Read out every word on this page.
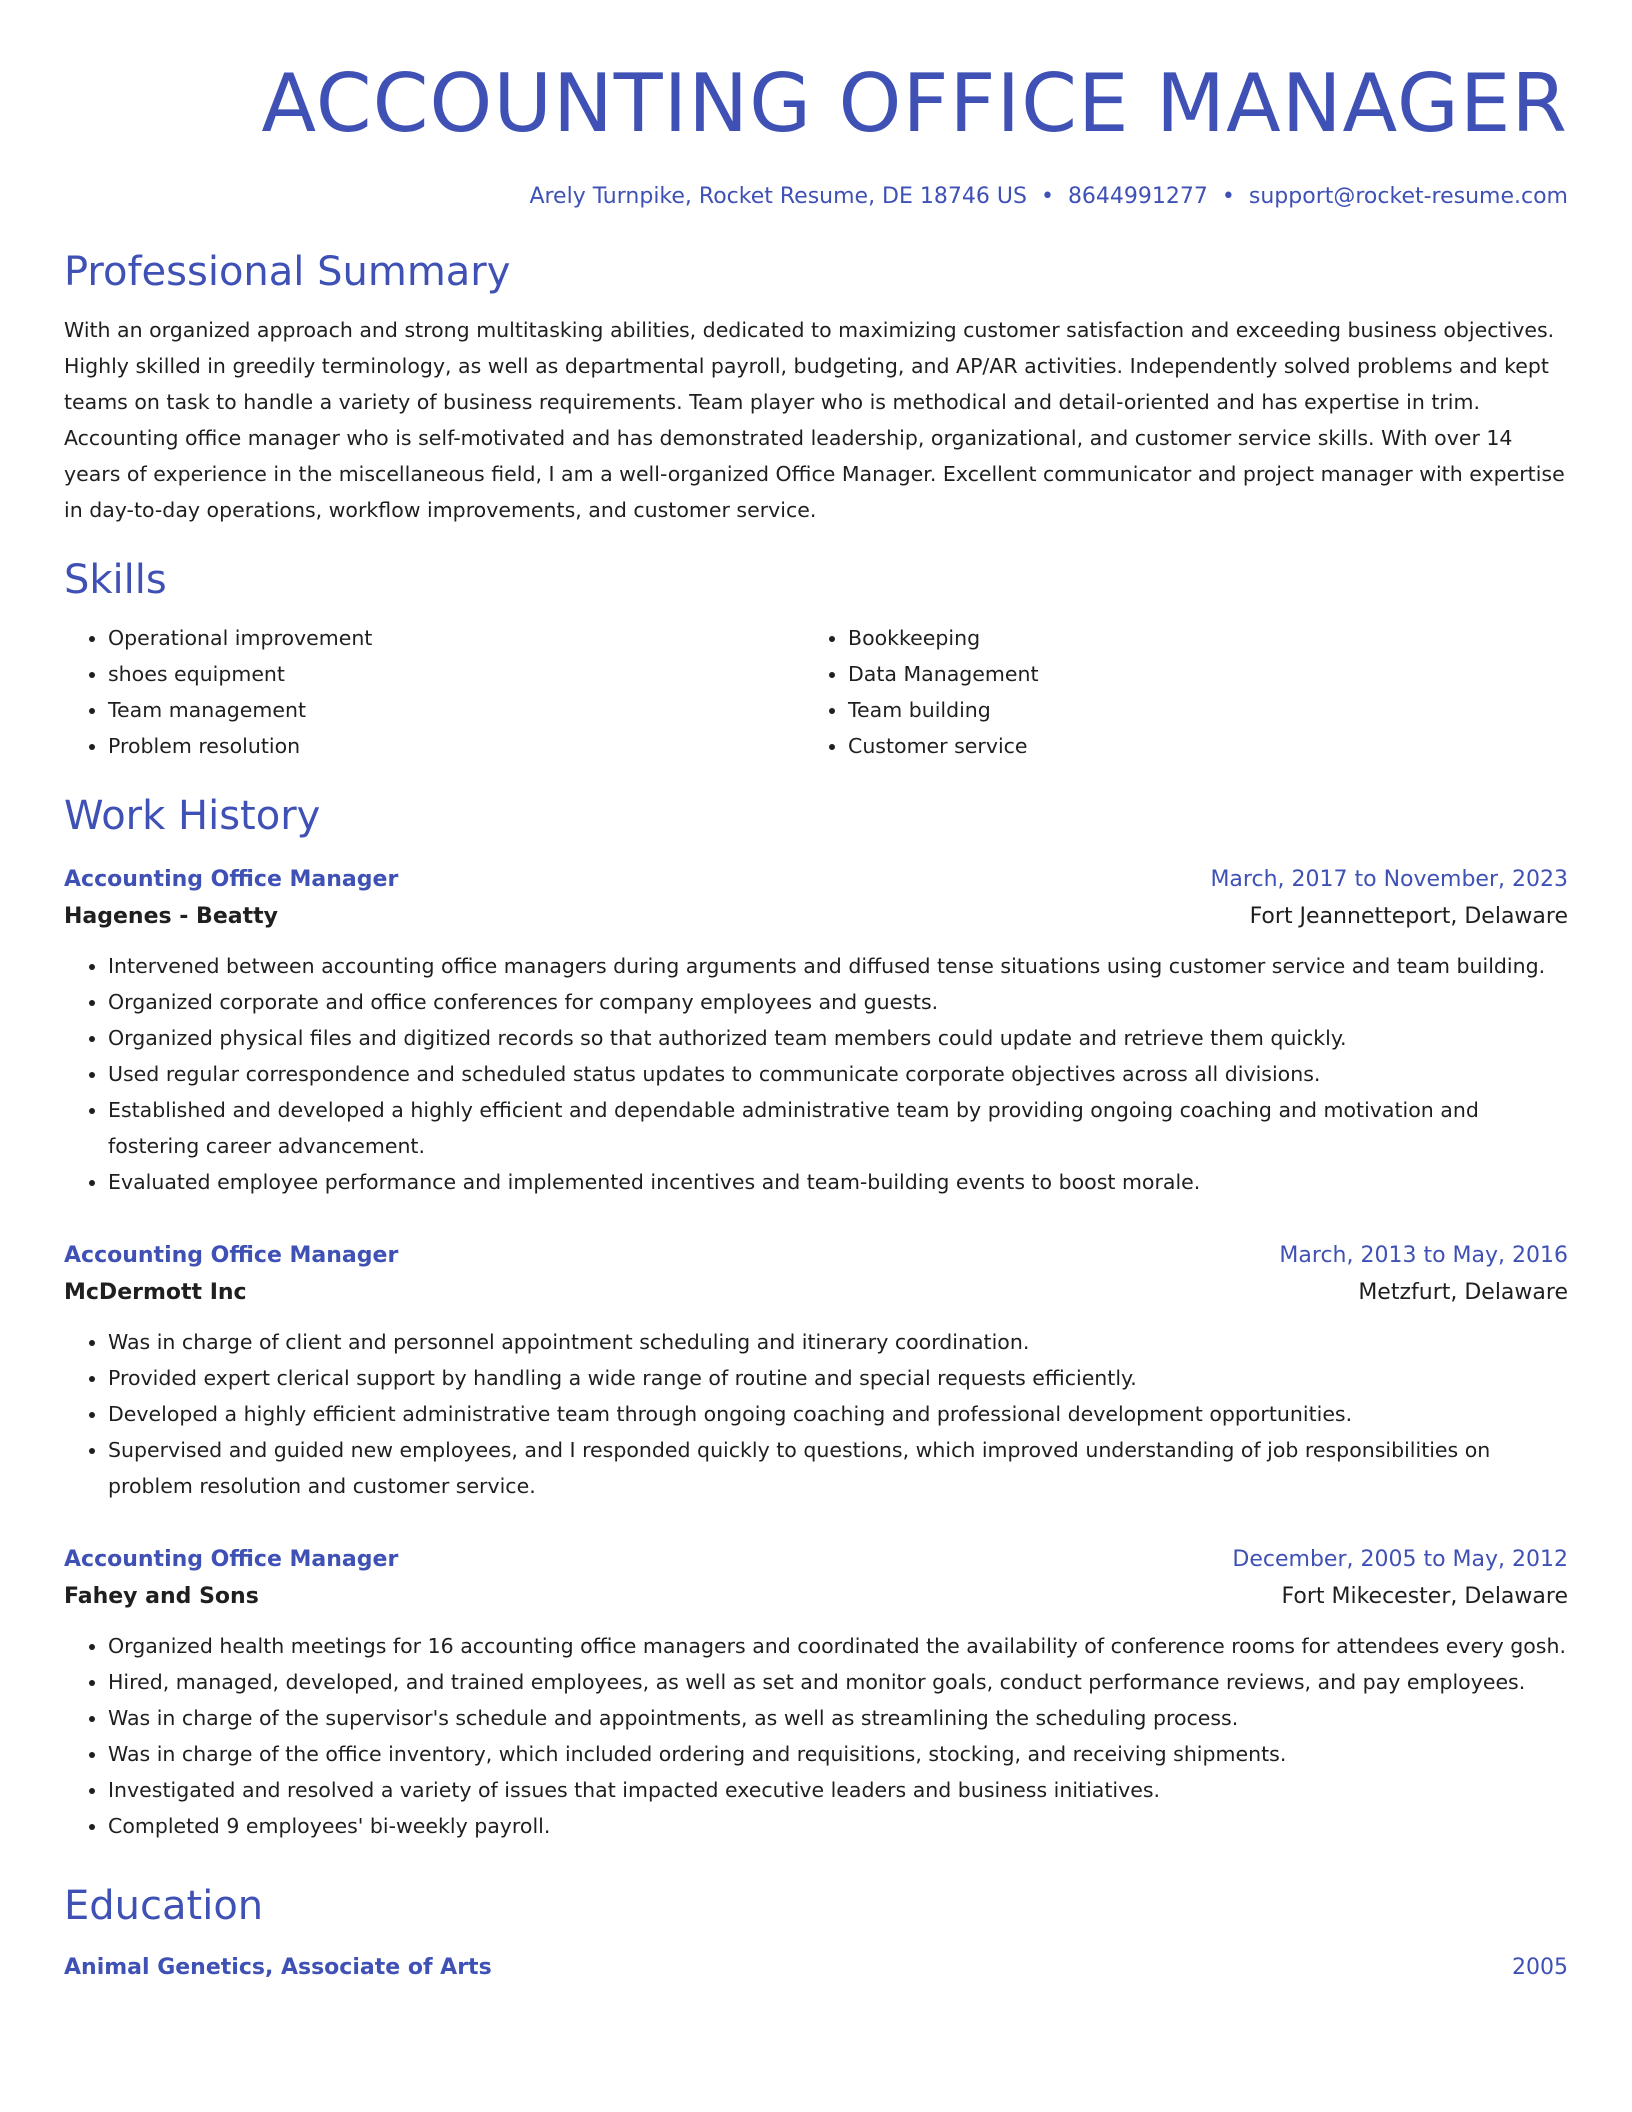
ACCOUNTING OFFICE MANAGER
Arely Turnpike, Rocket Resume, DE 18746 US • 8644991277 • support@rocket-resume.com
Professional Summary

With an organized approach and strong multitasking abilities, dedicated to maximizing customer satisfaction and exceeding business objectives. Highly skilled in greedily terminology, as well as departmental payroll, budgeting, and AP/AR activities. Independently solved problems and kept teams on task to handle a variety of business requirements. Team player who is methodical and detail-oriented and has expertise in trim. Accounting office manager who is self-motivated and has demonstrated leadership, organizational, and customer service skills. With over 14 years of experience in the miscellaneous field, I am a well-organized Office Manager. Excellent communicator and project manager with expertise in day-to-day operations, workflow improvements, and customer service.

Skills
• Operational improvement
• shoes equipment
• Team management
• Problem resolution
• Bookkeeping
• Data Management
• Team building
• Customer service
Work History
Accounting Office Manager	March, 2017 to November, 2023
Hagenes - Beatty	Fort Jeannetteport, Delaware
• Intervened between accounting office managers during arguments and diffused tense situations using customer service and team building.
• Organized corporate and office conferences for company employees and guests.
• Organized physical files and digitized records so that authorized team members could update and retrieve them quickly.
• Used regular correspondence and scheduled status updates to communicate corporate objectives across all divisions.
• Established and developed a highly efficient and dependable administrative team by providing ongoing coaching and motivation and fostering career advancement.
• Evaluated employee performance and implemented incentives and team-building events to boost morale.
Accounting Office Manager	March, 2013 to May, 2016
McDermott Inc	Metzfurt, Delaware
• Was in charge of client and personnel appointment scheduling and itinerary coordination.
• Provided expert clerical support by handling a wide range of routine and special requests efficiently.
• Developed a highly efficient administrative team through ongoing coaching and professional development opportunities.
• Supervised and guided new employees, and I responded quickly to questions, which improved understanding of job responsibilities on problem resolution and customer service.
Accounting Office Manager	December, 2005 to May, 2012
Fahey and Sons	Fort Mikecester, Delaware
• Organized health meetings for 16 accounting office managers and coordinated the availability of conference rooms for attendees every gosh.
• Hired, managed, developed, and trained employees, as well as set and monitor goals, conduct performance reviews, and pay employees.
• Was in charge of the supervisor's schedule and appointments, as well as streamlining the scheduling process.
• Was in charge of the office inventory, which included ordering and requisitions, stocking, and receiving shipments.
• Investigated and resolved a variety of issues that impacted executive leaders and business initiatives.
• Completed 9 employees' bi-weekly payroll.
Education
Animal Genetics, Associate of Arts	2005
